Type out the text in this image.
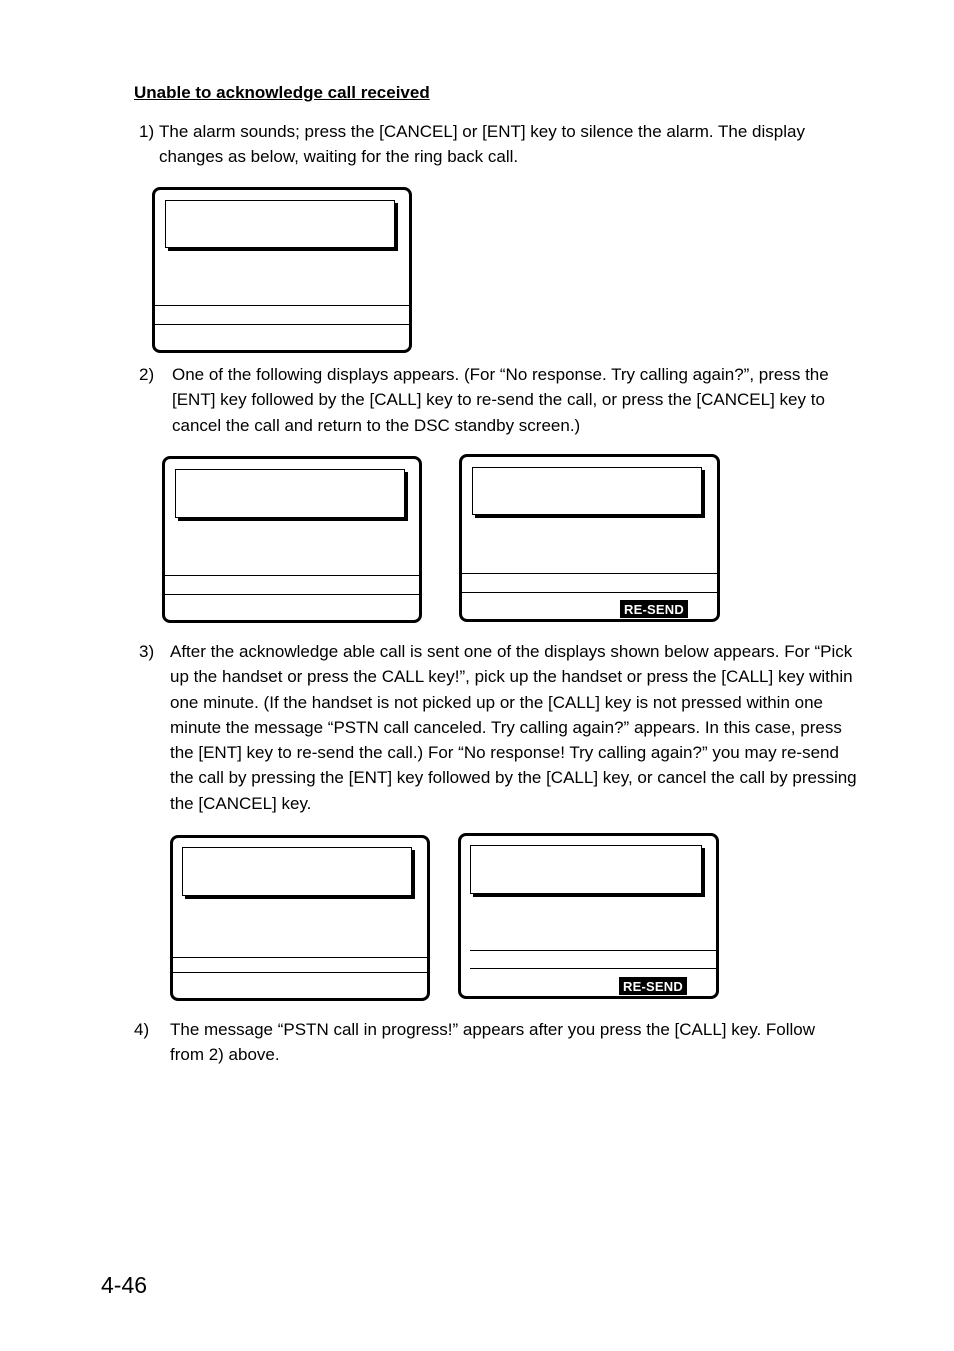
Unable to acknowledge call received
1) The alarm sounds; press the [CANCEL] or [ENT] key to silence the alarm. The display changes as below, waiting for the ring back call.
2)	One of the following displays appears. (For “No response. Try calling again?”, press the [ENT] key followed by the [CALL] key to re-send the call, or press the [CANCEL] key to cancel the call and return to the DSC standby screen.)
RE-SEND
3) After the acknowledge able call is sent one of the displays shown below appears. For “Pick up the handset or press the CALL key!”, pick up the handset or press the [CALL] key within one minute. (If the handset is not picked up or the [CALL] key is not pressed within one minute the message “PSTN call canceled. Try calling again?” appears. In this case, press the [ENT] key to re-send the call.) For “No response! Try calling again?” you may re-send the call by pressing the [ENT] key followed by the [CALL] key, or cancel the call by pressing the [CANCEL] key.
RE-SEND
4)	The message “PSTN call in progress!” appears after you press the [CALL] key. Follow from 2) above.

4-46
